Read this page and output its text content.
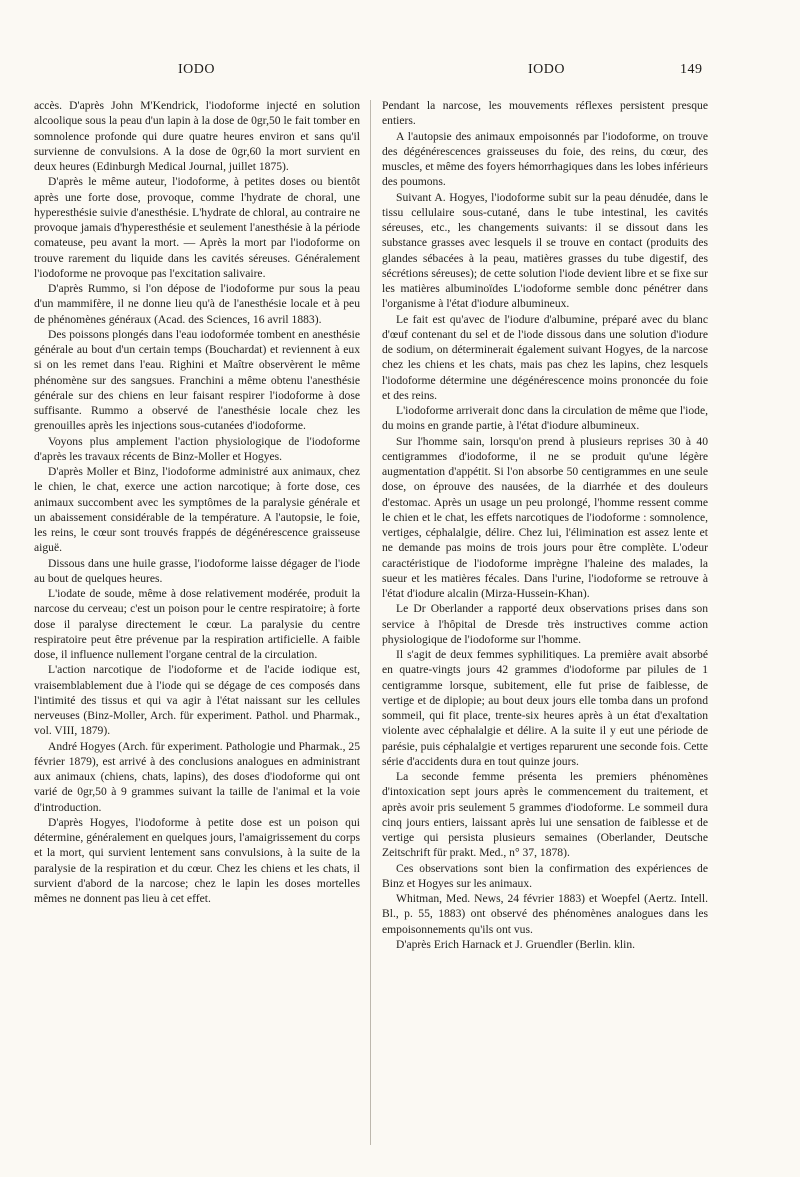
IODO	IODO	149

accès. D'après John M'Kendrick, l'iodoforme injecté en solution alcoolique sous la peau d'un lapin à la dose de 0gr,50 le fait tomber en somnolence profonde qui dure quatre heures environ et sans qu'il survienne de convulsions. A la dose de 0gr,60 la mort survient en deux heures (Edinburgh Medical Journal, juillet 1875).

D'après le même auteur, l'iodoforme, à petites doses ou bientôt après une forte dose, provoque, comme l'hydrate de choral, une hyperesthésie suivie d'anesthésie. L'hydrate de chloral, au contraire ne provoque jamais d'hyperesthésie et seulement l'anesthésie à la période comateuse, peu avant la mort. — Après la mort par l'iodoforme on trouve rarement du liquide dans les cavités séreuses. Généralement l'iodoforme ne provoque pas l'excitation salivaire.

D'après Rummo, si l'on dépose de l'iodoforme pur sous la peau d'un mammifère, il ne donne lieu qu'à de l'anesthésie locale et à peu de phénomènes généraux (Acad. des Sciences, 16 avril 1883).

Des poissons plongés dans l'eau iodoformée tombent en anesthésie générale au bout d'un certain temps (Bouchardat) et reviennent à eux si on les remet dans l'eau. Righini et Maître observèrent le même phénomène sur des sangsues. Franchini a même obtenu l'anesthésie générale sur des chiens en leur faisant respirer l'iodoforme à dose suffisante. Rummo a observé de l'anesthésie locale chez les grenouilles après les injections sous-cutanées d'iodoforme.

Voyons plus amplement l'action physiologique de l'iodoforme d'après les travaux récents de Binz-Moller et Hogyes.

D'après Moller et Binz, l'iodoforme administré aux animaux, chez le chien, le chat, exerce une action narcotique; à forte dose, ces animaux succombent avec les symptômes de la paralysie générale et un abaissement considérable de la température. A l'autopsie, le foie, les reins, le cœur sont trouvés frappés de dégénérescence graisseuse aiguë.

Dissous dans une huile grasse, l'iodoforme laisse dégager de l'iode au bout de quelques heures.

L'iodate de soude, même à dose relativement modérée, produit la narcose du cerveau; c'est un poison pour le centre respiratoire; à forte dose il paralyse directement le cœur. La paralysie du centre respiratoire peut être prévenue par la respiration artificielle. A faible dose, il influence nullement l'organe central de la circulation.

L'action narcotique de l'iodoforme et de l'acide iodique est, vraisemblablement due à l'iode qui se dégage de ces composés dans l'intimité des tissus et qui va agir à l'état naissant sur les cellules nerveuses (Binz-Moller, Arch. für experiment. Pathol. und Pharmak., vol. VIII, 1879).

André Hogyes (Arch. für experiment. Pathologie und Pharmak., 25 février 1879), est arrivé à des conclusions analogues en administrant aux animaux (chiens, chats, lapins), des doses d'iodoforme qui ont varié de 0gr,50 à 9 grammes suivant la taille de l'animal et la voie d'introduction.

D'après Hogyes, l'iodoforme à petite dose est un poison qui détermine, généralement en quelques jours, l'amaigrissement du corps et la mort, qui survient lentement sans convulsions, à la suite de la paralysie de la respiration et du cœur. Chez les chiens et les chats, il survient d'abord de la narcose; chez le lapin les doses mortelles mêmes ne donnent pas lieu à cet effet.

Pendant la narcose, les mouvements réflexes persistent presque entiers.

A l'autopsie des animaux empoisonnés par l'iodoforme, on trouve des dégénérescences graisseuses du foie, des reins, du cœur, des muscles, et même des foyers hémorrhagiques dans les lobes inférieurs des poumons.

Suivant A. Hogyes, l'iodoforme subit sur la peau dénudée, dans le tissu cellulaire sous-cutané, dans le tube intestinal, les cavités séreuses, etc., les changements suivants: il se dissout dans les substance grasses avec lesquels il se trouve en contact (produits des glandes sébacées à la peau, matières grasses du tube digestif, des sécrétions séreuses); de cette solution l'iode devient libre et se fixe sur les matières albuminoïdes L'iodoforme semble donc pénétrer dans l'organisme à l'état d'iodure albumineux.

Le fait est qu'avec de l'iodure d'albumine, préparé avec du blanc d'œuf contenant du sel et de l'iode dissous dans une solution d'iodure de sodium, on déterminerait également suivant Hogyes, de la narcose chez les chiens et les chats, mais pas chez les lapins, chez lesquels l'iodoforme détermine une dégénérescence moins prononcée du foie et des reins.

L'iodoforme arriverait donc dans la circulation de même que l'iode, du moins en grande partie, à l'état d'iodure albumineux.

Sur l'homme sain, lorsqu'on prend à plusieurs reprises 30 à 40 centigrammes d'iodoforme, il ne se produit qu'une légère augmentation d'appétit. Si l'on absorbe 50 centigrammes en une seule dose, on éprouve des nausées, de la diarrhée et des douleurs d'estomac. Après un usage un peu prolongé, l'homme ressent comme le chien et le chat, les effets narcotiques de l'iodoforme : somnolence, vertiges, céphalalgie, délire. Chez lui, l'élimination est assez lente et ne demande pas moins de trois jours pour être complète. L'odeur caractéristique de l'iodoforme imprègne l'haleine des malades, la sueur et les matières fécales. Dans l'urine, l'iodoforme se retrouve à l'état d'iodure alcalin (Mirza-Hussein-Khan).

Le Dr Oberlander a rapporté deux observations prises dans son service à l'hôpital de Dresde très instructives comme action physiologique de l'iodoforme sur l'homme.

Il s'agit de deux femmes syphilitiques. La première avait absorbé en quatre-vingts jours 42 grammes d'iodoforme par pilules de 1 centigramme lorsque, subitement, elle fut prise de faiblesse, de vertige et de diplopie; au bout deux jours elle tomba dans un profond sommeil, qui fit place, trente-six heures après à un état d'exaltation violente avec céphalalgie et délire. A la suite il y eut une période de parésie, puis céphalalgie et vertiges reparurent une seconde fois. Cette série d'accidents dura en tout quinze jours.

La seconde femme présenta les premiers phénomènes d'intoxication sept jours après le commencement du traitement, et après avoir pris seulement 5 grammes d'iodoforme. Le sommeil dura cinq jours entiers, laissant après lui une sensation de faiblesse et de vertige qui persista plusieurs semaines (Oberlander, Deutsche Zeitschrift für prakt. Med., n° 37, 1878).

Ces observations sont bien la confirmation des expériences de Binz et Hogyes sur les animaux.

Whitman, Med. News, 24 février 1883) et Woepfel (Aertz. Intell. Bl., p. 55, 1883) ont observé des phénomènes analogues dans les empoisonnements qu'ils ont vus.

D'après Erich Harnack et J. Gruendler (Berlin. klin.
